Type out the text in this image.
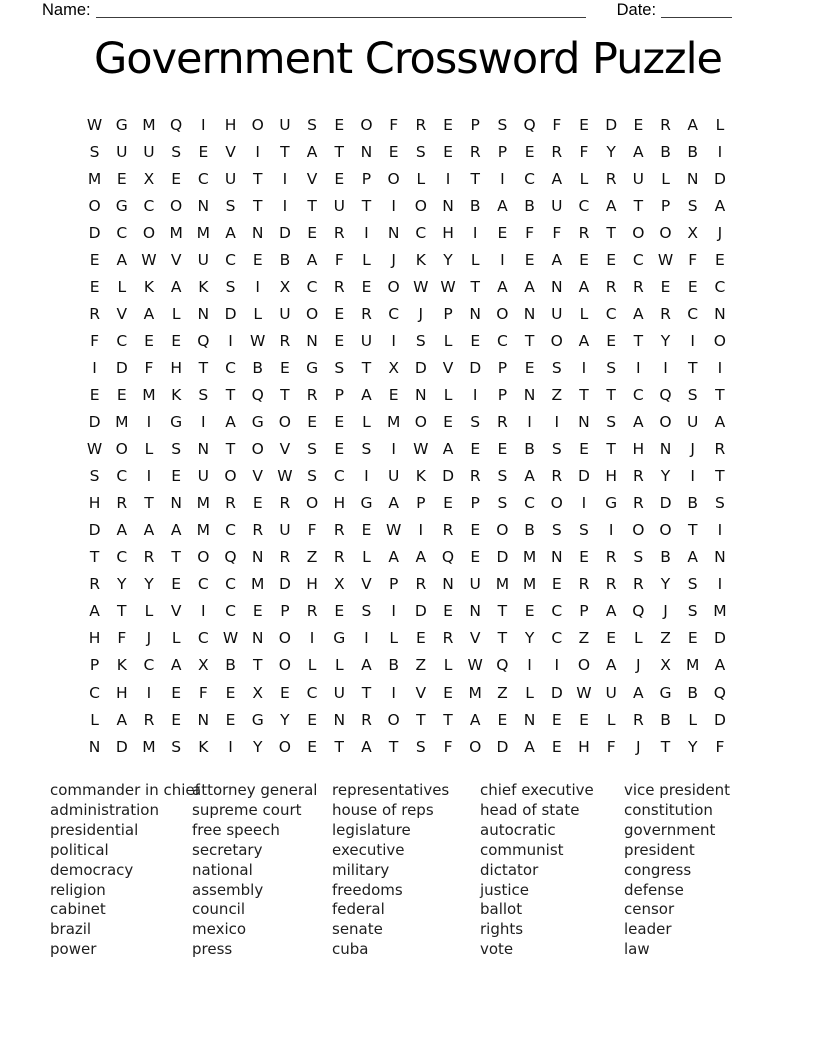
Name:	Date:
Government Crossword Puzzle
W G M Q	I	H O U	S	E	O	F	R	E	P	S	Q	F	E	D	E	R	A	L
S	U	U	S	E	V	I	T	A	T	N	E	S	E	R	P	E	R	F	Y	A	B	B	I
M	E	X	E	C	U	T	I	V	E	P	O	L	I	T	I	C	A	L	R	U	L	N D
O G	C	O N	S	T	I	T	U	T	I	O N	B	A	B	U	C	A	T	P	S	A
D	C	O M M A	N D	E	R	I	N	C	H	I	E	F	F	R	T	O O	X	J
E	A W V	U	C	E	B	A	F	L	J	K	Y	L	I	E	A	E	E	C W F	E
E	L	K	A	K	S	I	X	C	R	E	O W W T	A	A	N	A	R	R	E	E	C
R	V	A	L	N D	L	U O	E	R	C	J	P	N O N	U	L	C	A	R	C	N
F	C	E	E	Q	I	W R	N	E	U	I	S	L	E	C	T	O	A	E	T	Y	I	O
I	D	F	H	T	C	B	E	G	S	T	X	D	V	D	P	E	S	I	S	I	I	T	I
E	E	M K	S	T	Q	T	R	P	A	E	N	L	I	P	N	Z	T	T	C	Q	S	T
D M	I	G	I	A	G O	E	E	L	M O	E	S	R	I	I	N	S	A	O U	A
W O	L	S	N	T	O	V	S	E	S	I	W A	E	E	B	S	E	T	H	N	J	R
S	C	I	E	U O	V W S	C	I	U	K	D	R	S	A	R	D H	R	Y	I	T
H	R	T	N M R	E	R	O H G	A	P	E	P	S	C	O	I	G	R	D	B	S
D	A	A	A M C	R	U	F	R	E W	I	R	E	O	B	S	S	I	O O	T	I
T	C	R	T	O Q N	R	Z	R	L	A	A	Q	E	D M N	E	R	S	B	A	N
R	Y	Y	E	C	C M D H	X	V	P	R	N	U M M	E	R	R	R	Y	S	I
A	T	L	V	I	C	E	P	R	E	S	I	D	E	N	T	E	C	P	A	Q	J	S	M
H	F	J	L	C W N O	I	G	I	L	E	R	V	T	Y	C	Z	E	L	Z	E	D
P	K	C	A	X	B	T	O	L	L	A	B	Z	L W Q	I	I	O	A	J	X M A
C	H	I	E	F	E	X	E	C	U	T	I	V	E	M Z	L	D W U	A	G	B	Q
L	A	R	E	N	E	G	Y	E	N	R	O	T	T	A	E	N	E	E	L	R	B	L	D
N D M	S	K	I	Y	O	E	T	A	T	S	F	O D	A	E	H	F	J	T	Y	F
commander in chief
administration
presidential
political
democracy
religion
cabinet
brazil
power
attorney general
supreme court
free speech
secretary
national
assembly
council
mexico
press
representatives
house of reps
legislature
executive
military
freedoms
federal
senate
cuba
chief executive
head of state
autocratic
communist
dictator
justice
ballot
rights
vote
vice president
constitution
government
president
congress
defense
censor
leader
law
